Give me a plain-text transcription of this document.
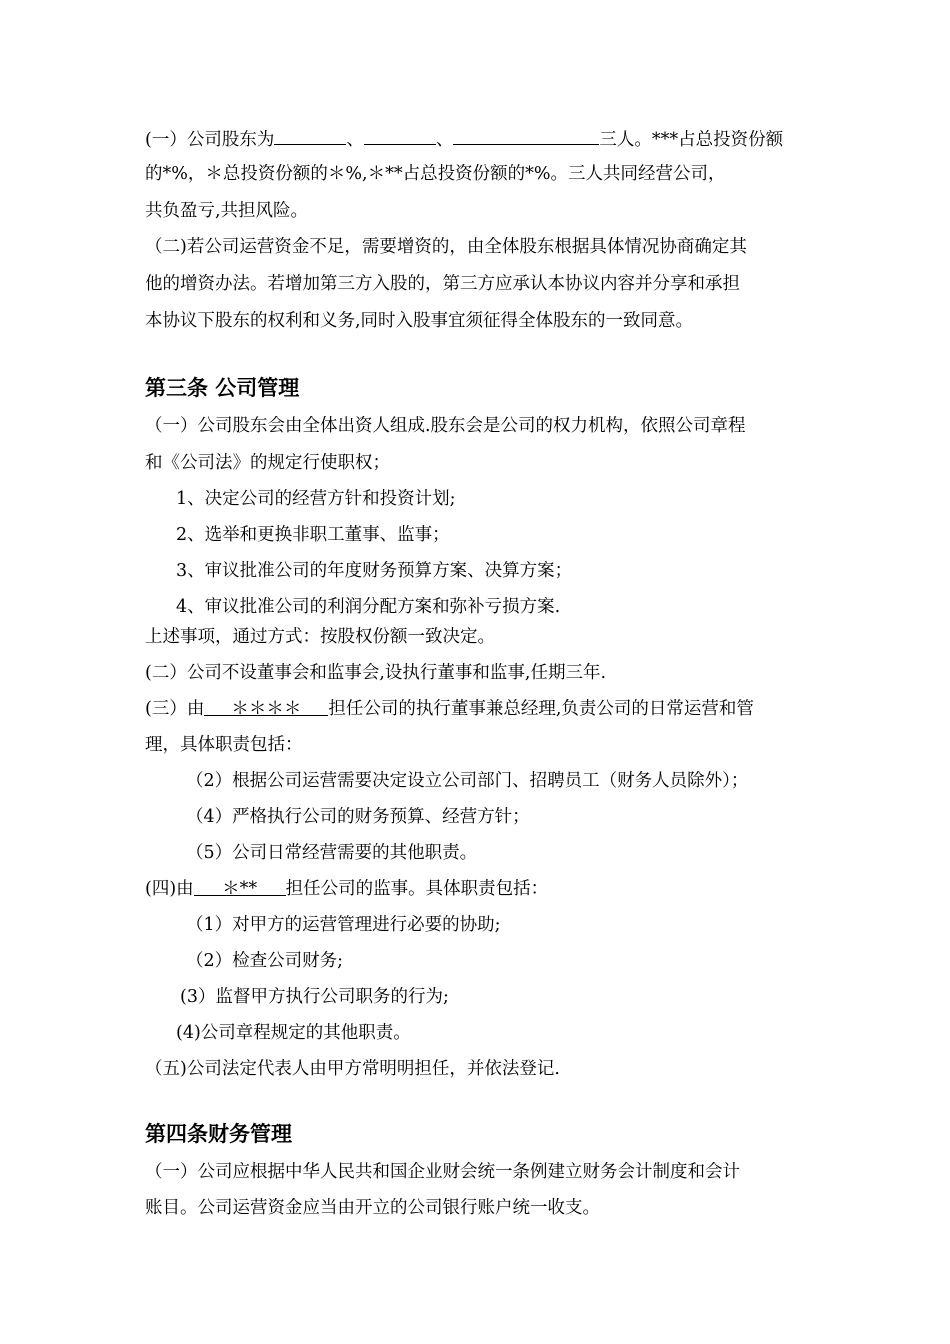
(一）公司股东为	、	、	三人。***占总投资份额
的*%，＊总投资份额的＊%,＊**占总投资份额的*%。三人共同经营公司，
共负盈亏,共担风险。
（二)若公司运营资金不足，需要增资的，由全体股东根据具体情况协商确定其
他的增资办法。若增加第三方入股的，第三方应承认本协议内容并分享和承担
本协议下股东的权利和义务,同时入股事宜须征得全体股东的一致同意。
第三条 公司管理
（一）公司股东会由全体出资人组成.股东会是公司的权力机构，依照公司章程
和《公司法》的规定行使职权；
1、决定公司的经营方针和投资计划;
2、选举和更换非职工董事、监事；
3、审议批准公司的年度财务预算方案、决算方案；
4、审议批准公司的利润分配方案和弥补亏损方案.
上述事项，通过方式：按股权份额一致决定。
(二）公司不设董事会和监事会,设执行董事和监事,任期三年.
(三）由 ＊＊＊＊ 担任公司的执行董事兼总经理,负责公司的日常运营和管
理，具体职责包括：
（2）根据公司运营需要决定设立公司部门、招聘员工（财务人员除外）；
（4）严格执行公司的财务预算、经营方针；
（5）公司日常经营需要的其他职责。
(四)由 ＊** 担任公司的监事。具体职责包括：
（1）对甲方的运营管理进行必要的协助;
（2）检查公司财务;
(3）监督甲方执行公司职务的行为;
(4)公司章程规定的其他职责。
（五)公司法定代表人由甲方常明明担任，并依法登记.
第四条财务管理
（一）公司应根据中华人民共和国企业财会统一条例建立财务会计制度和会计
账目。公司运营资金应当由开立的公司银行账户统一收支。
